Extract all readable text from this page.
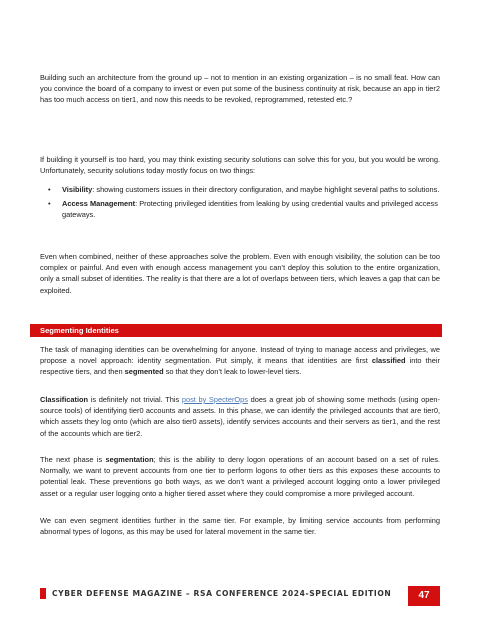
Building such an architecture from the ground up – not to mention in an existing organization – is no small feat. How can you convince the board of a company to invest or even put some of the business continuity at risk, because an app in tier2 has too much access on tier1, and now this needs to be revoked, reprogrammed, retested etc.?

If building it yourself is too hard, you may think existing security solutions can solve this for you, but you would be wrong. Unfortunately, security solutions today mostly focus on two things:

• Visibility: showing customers issues in their directory configuration, and maybe highlight several paths to solutions.
• Access Management: Protecting privileged identities from leaking by using credential vaults and privileged access gateways.

Even when combined, neither of these approaches solve the problem. Even with enough visibility, the solution can be too complex or painful. And even with enough access management you can’t deploy this solution to the entire organization, only a small subset of identities. The reality is that there are a lot of overlaps between tiers, which leaves a gap that can be exploited.

Segmenting Identities

The task of managing identities can be overwhelming for anyone. Instead of trying to manage access and privileges, we propose a novel approach: identity segmentation. Put simply, it means that identities are first classified into their respective tiers, and then segmented so that they don’t leak to lower-level tiers.

Classification is definitely not trivial. This post by SpecterOps does a great job of showing some methods (using open-source tools) of identifying tier0 accounts and assets. In this phase, we can identify the privileged accounts that are tier0, which assets they log onto (which are also tier0 assets), identify services accounts and their servers as tier1, and the rest of the accounts which are tier2.

The next phase is segmentation; this is the ability to deny logon operations of an account based on a set of rules. Normally, we want to prevent accounts from one tier to perform logons to other tiers as this exposes these accounts to potential leak. These preventions go both ways, as we don’t want a privileged account logging onto a lower privileged asset or a regular user logging onto a higher tiered asset where they could compromise a more privileged account.

We can even segment identities further in the same tier. For example, by limiting service accounts from performing abnormal types of logons, as this may be used for lateral movement in the same tier.

CYBER DEFENSE MAGAZINE – RSA CONFERENCE 2024-SPECIAL EDITION	47
